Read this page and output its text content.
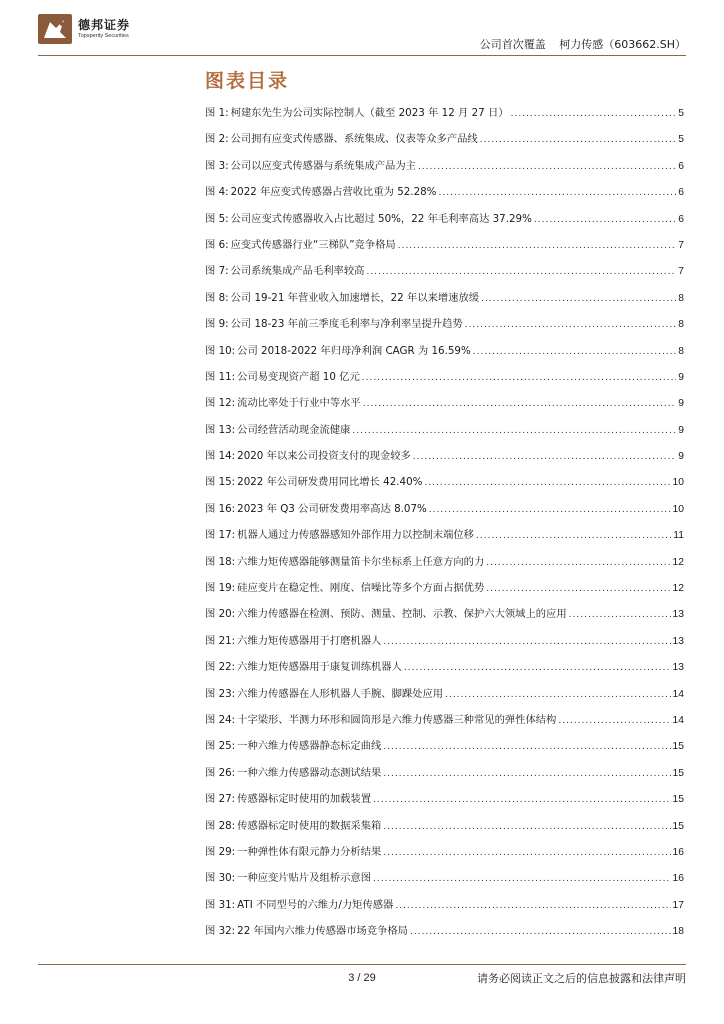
德邦证券
Topsperity Securities
公司首次覆盖 柯力传感（603662.SH）
图表目录
图 1: 柯建东先生为公司实际控制人（截至 2023 年 12 月 27 日） .....	5
图 2: 公司拥有应变式传感器、系统集成、仪表等众多产品线 .....	5
图 3: 公司以应变式传感器与系统集成产品为主 .....	6
图 4: 2022 年应变式传感器占营收比重为 52.28% .....	6
图 5: 公司应变式传感器收入占比超过 50%，22 年毛利率高达 37.29% .....	6
图 6: 应变式传感器行业“三梯队”竞争格局 .....	7
图 7: 公司系统集成产品毛利率较高 .....	7
图 8: 公司 19-21 年营业收入加速增长，22 年以来增速放缓 .....	8
图 9: 公司 18-23 年前三季度毛利率与净利率呈提升趋势 .....	8
图 10: 公司 2018-2022 年归母净利润 CAGR 为 16.59% .....	8
图 11: 公司易变现资产超 10 亿元 .....	9
图 12: 流动比率处于行业中等水平 .....	9
图 13: 公司经营活动现金流健康 .....	9
图 14: 2020 年以来公司投资支付的现金较多 .....	9
图 15: 2022 年公司研发费用同比增长 42.40% .....	10
图 16: 2023 年 Q3 公司研发费用率高达 8.07% .....	10
图 17: 机器人通过力传感器感知外部作用力以控制末端位移 .....	11
图 18: 六维力矩传感器能够测量笛卡尔坐标系上任意方向的力 .....	12
图 19: 硅应变片在稳定性、刚度、信噪比等多个方面占据优势 .....	12
图 20: 六维力传感器在检测、预防、测量、控制、示教、保护六大领域上的应用 .....	13
图 21: 六维力矩传感器用于打磨机器人 .....	13
图 22: 六维力矩传感器用于康复训练机器人 .....	13
图 23: 六维力传感器在人形机器人手腕、脚踝处应用 .....	14
图 24: 十字梁形、半测力环形和圆筒形是六维力传感器三种常见的弹性体结构 .....	14
图 25: 一种六维力传感器静态标定曲线 .....	15
图 26: 一种六维力传感器动态测试结果 .....	15
图 27: 传感器标定时使用的加载装置 .....	15
图 28: 传感器标定时使用的数据采集箱 .....	15
图 29: 一种弹性体有限元静力分析结果 .....	16
图 30: 一种应变片贴片及组桥示意图 .....	16
图 31: ATI 不同型号的六维力/力矩传感器 .....	17
图 32: 22 年国内六维力传感器市场竞争格局 .....	18
3 / 29	请务必阅读正文之后的信息披露和法律声明
